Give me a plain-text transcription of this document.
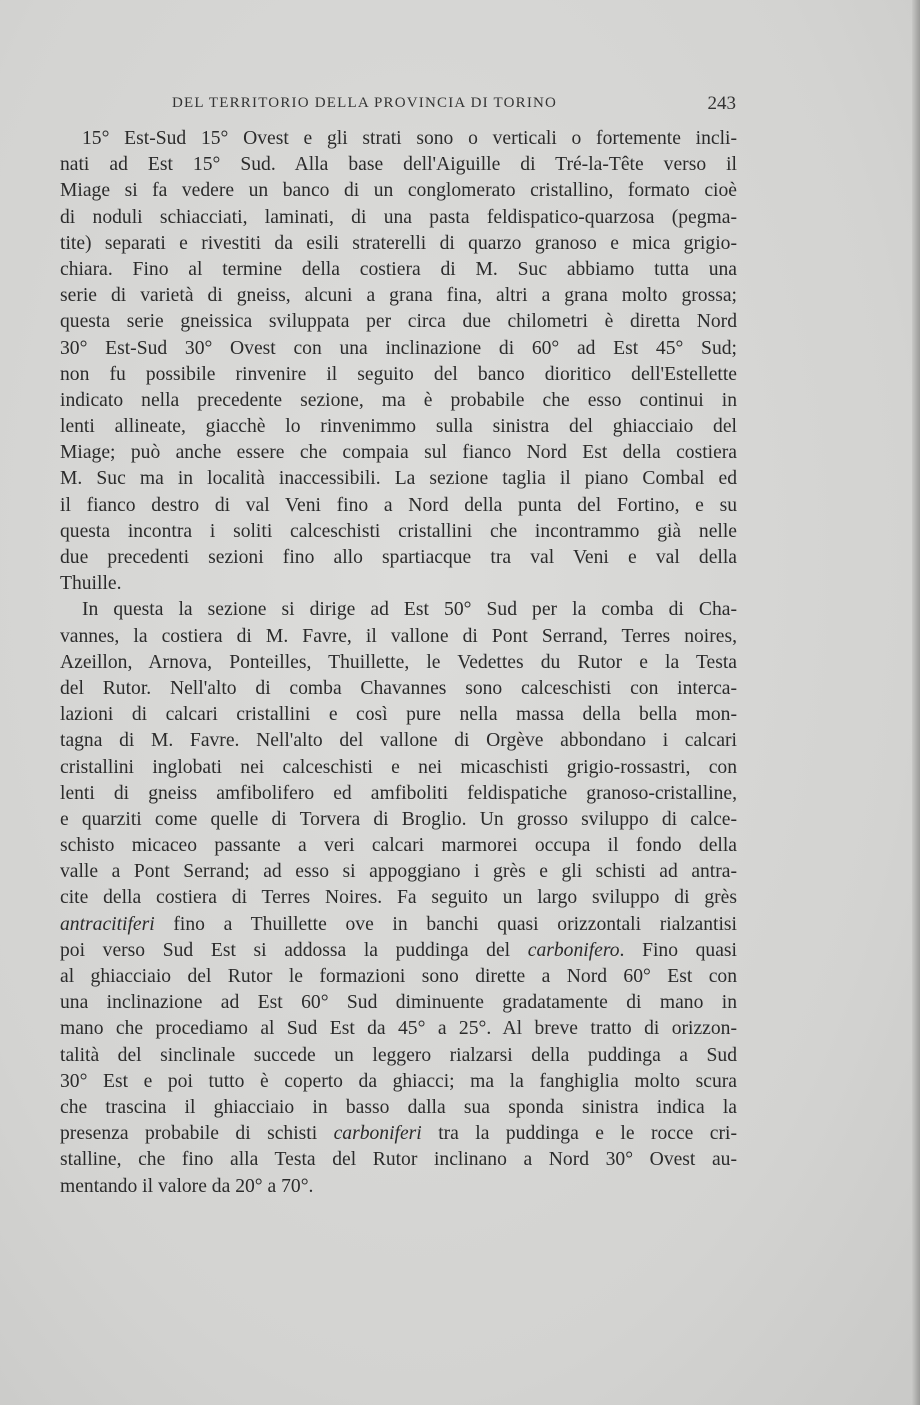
DEL TERRITORIO DELLA PROVINCIA DI TORINO	243
15° Est-Sud 15° Ovest e gli strati sono o verticali o fortemente incli-
nati ad Est 15° Sud. Alla base dell'Aiguille di Tré-la-Tête verso il
Miage si fa vedere un banco di un conglomerato cristallino, formato cioè
di noduli schiacciati, laminati, di una pasta feldispatico-quarzosa (pegma-
tite) separati e rivestiti da esili straterelli di quarzo granoso e mica grigio-
chiara. Fino al termine della costiera di M. Suc abbiamo tutta una
serie di varietà di gneiss, alcuni a grana fina, altri a grana molto grossa;
questa serie gneissica sviluppata per circa due chilometri è diretta Nord
30° Est-Sud 30° Ovest con una inclinazione di 60° ad Est 45° Sud;
non fu possibile rinvenire il seguito del banco dioritico dell'Estellette
indicato nella precedente sezione, ma è probabile che esso continui in
lenti allineate, giacchè lo rinvenimmo sulla sinistra del ghiacciaio del
Miage; può anche essere che compaia sul fianco Nord Est della costiera
M. Suc ma in località inaccessibili. La sezione taglia il piano Combal ed
il fianco destro di val Veni fino a Nord della punta del Fortino, e su
questa incontra i soliti calceschisti cristallini che incontrammo già nelle
due precedenti sezioni fino allo spartiacque tra val Veni e val della
Thuille.
In questa la sezione si dirige ad Est 50° Sud per la comba di Cha-
vannes, la costiera di M. Favre, il vallone di Pont Serrand, Terres noires,
Azeillon, Arnova, Ponteilles, Thuillette, le Vedettes du Rutor e la Testa
del Rutor. Nell'alto di comba Chavannes sono calceschisti con interca-
lazioni di calcari cristallini e così pure nella massa della bella mon-
tagna di M. Favre. Nell'alto del vallone di Orgève abbondano i calcari
cristallini inglobati nei calceschisti e nei micaschisti grigio-rossastri, con
lenti di gneiss amfibolifero ed amfiboliti feldispatiche granoso-cristalline,
e quarziti come quelle di Torvera di Broglio. Un grosso sviluppo di calce-
schisto micaceo passante a veri calcari marmorei occupa il fondo della
valle a Pont Serrand; ad esso si appoggiano i grès e gli schisti ad antra-
cite della costiera di Terres Noires. Fa seguito un largo sviluppo di grès
antracitiferi fino a Thuillette ove in banchi quasi orizzontali rialzantisi
poi verso Sud Est si addossa la puddinga del carbonifero. Fino quasi
al ghiacciaio del Rutor le formazioni sono dirette a Nord 60° Est con
una inclinazione ad Est 60° Sud diminuente gradatamente di mano in
mano che procediamo al Sud Est da 45° a 25°. Al breve tratto di orizzon-
talità del sinclinale succede un leggero rialzarsi della puddinga a Sud
30° Est e poi tutto è coperto da ghiacci; ma la fanghiglia molto scura
che trascina il ghiacciaio in basso dalla sua sponda sinistra indica la
presenza probabile di schisti carboniferi tra la puddinga e le rocce cri-
stalline, che fino alla Testa del Rutor inclinano a Nord 30° Ovest au-
mentando il valore da 20° a 70°.
